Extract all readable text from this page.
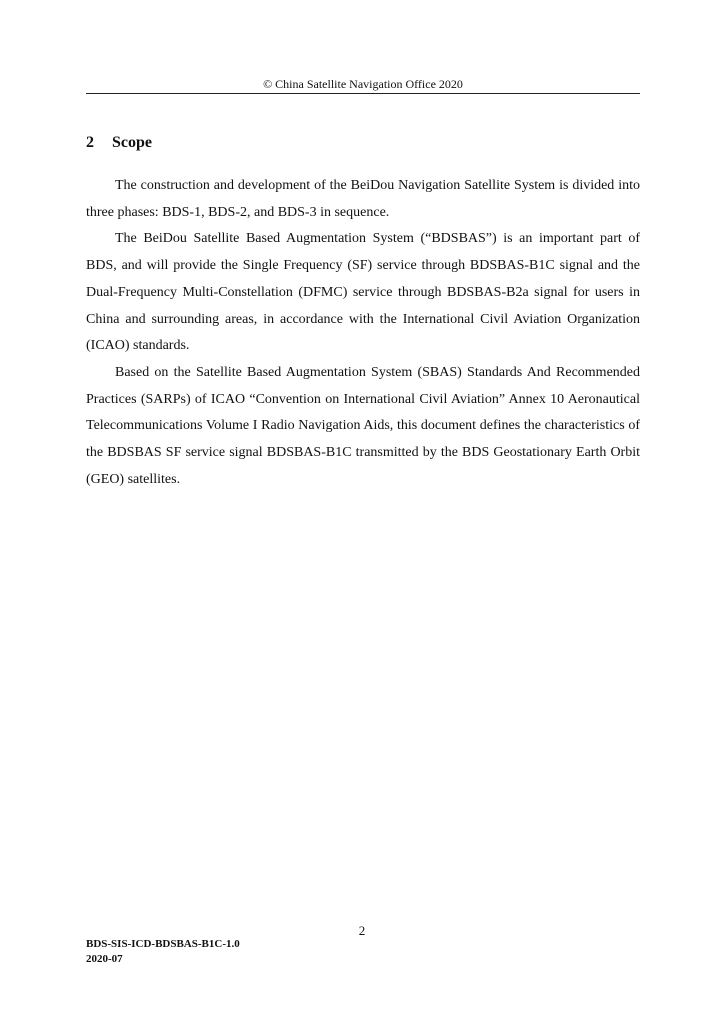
© China Satellite Navigation Office 2020
2 Scope

The construction and development of the BeiDou Navigation Satellite System is divided into three phases: BDS-1, BDS-2, and BDS-3 in sequence.

The BeiDou Satellite Based Augmentation System (“BDSBAS”) is an important part of BDS, and will provide the Single Frequency (SF) service through BDSBAS-B1C signal and the Dual-Frequency Multi-Constellation (DFMC) service through BDSBAS-B2a signal for users in China and surrounding areas, in accordance with the International Civil Aviation Organization (ICAO) standards.

Based on the Satellite Based Augmentation System (SBAS) Standards And Recommended Practices (SARPs) of ICAO “Convention on International Civil Aviation” Annex 10 Aeronautical Telecommunications Volume I Radio Navigation Aids, this document defines the characteristics of the BDSBAS SF service signal BDSBAS-B1C transmitted by the BDS Geostationary Earth Orbit (GEO) satellites.

2
BDS-SIS-ICD-BDSBAS-B1C-1.0
2020-07
